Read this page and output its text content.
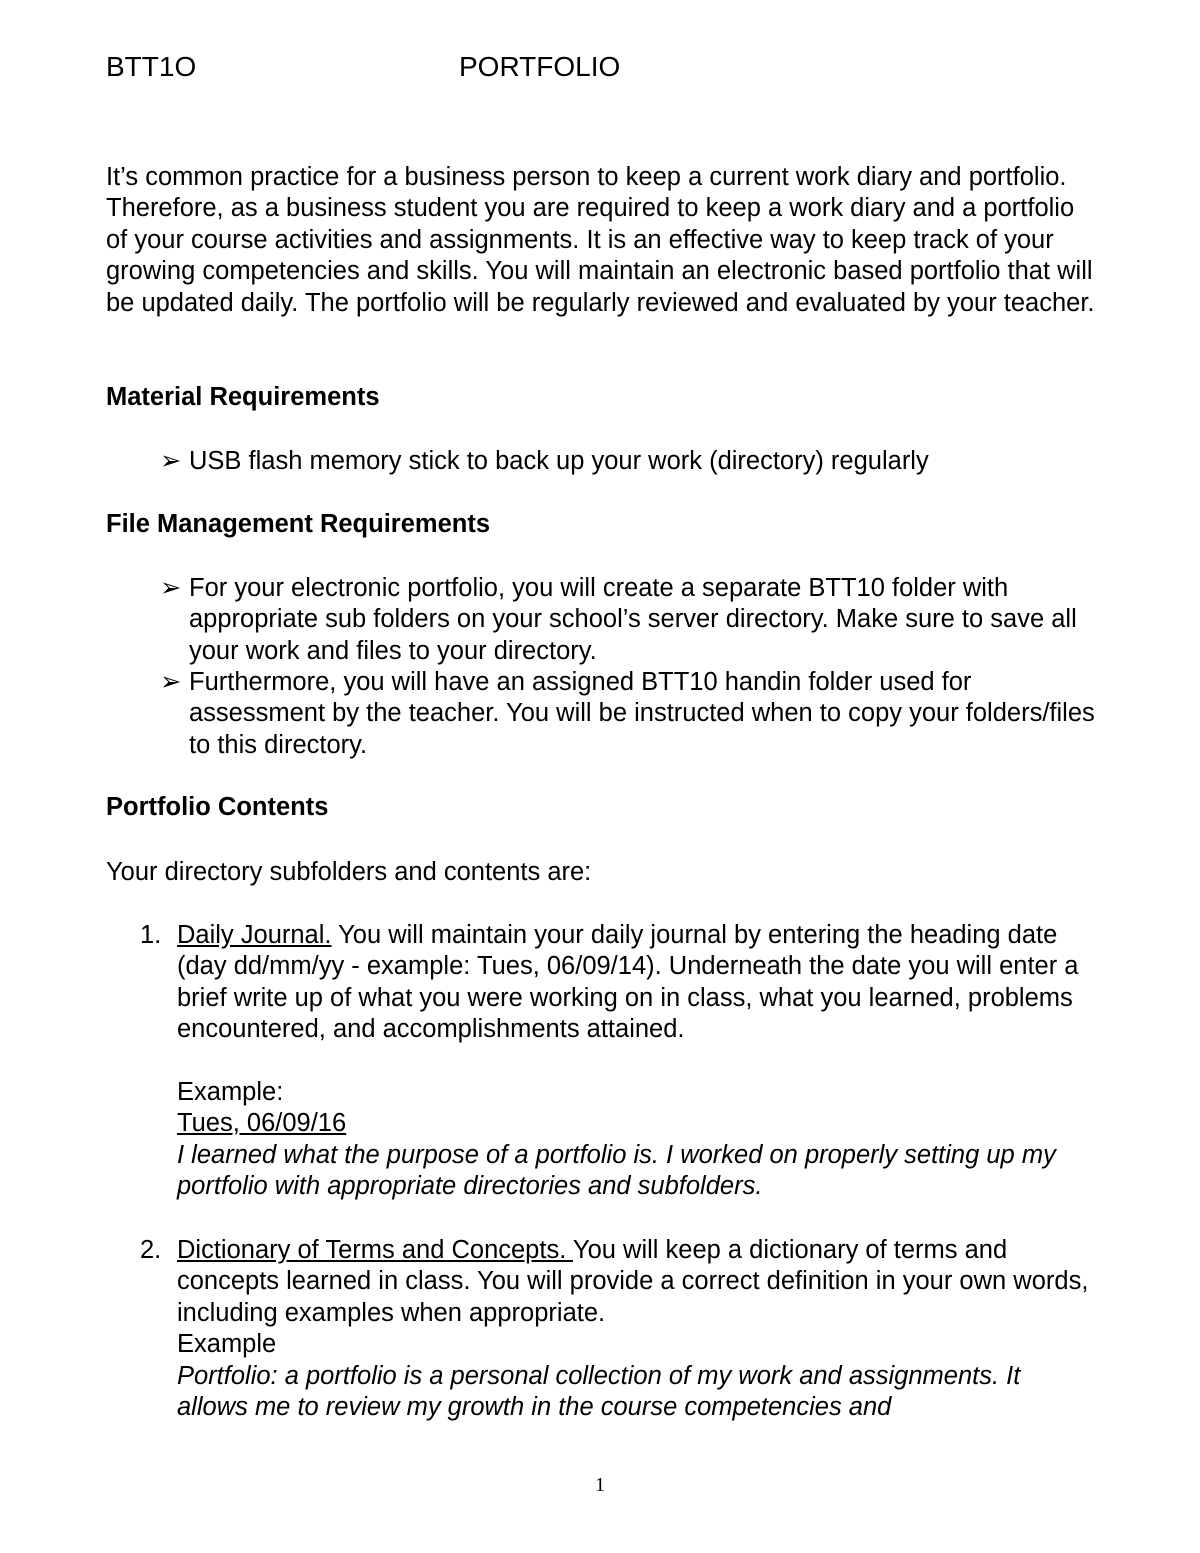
BTT1O	PORTFOLIO

It’s common practice for a business person to keep a current work diary and portfolio. Therefore, as a business student you are required to keep a work diary and a portfolio of your course activities and assignments. It is an effective way to keep track of your growing competencies and skills. You will maintain an electronic based portfolio that will be updated daily. The portfolio will be regularly reviewed and evaluated by your teacher.

Material Requirements
➢ USB flash memory stick to back up your work (directory) regularly
File Management Requirements
➢ For your electronic portfolio, you will create a separate BTT10 folder with appropriate sub folders on your school’s server directory. Make sure to save all your work and files to your directory.
➢ Furthermore, you will have an assigned BTT10 handin folder used for assessment by the teacher. You will be instructed when to copy your folders/files to this directory.
Portfolio Contents
Your directory subfolders and contents are:
1. Daily Journal. You will maintain your daily journal by entering the heading date (day dd/mm/yy - example: Tues, 06/09/14). Underneath the date you will enter a brief write up of what you were working on in class, what you learned, problems encountered, and accomplishments attained.

Example:

Tues, 06/09/16

I learned what the purpose of a portfolio is. I worked on properly setting up my portfolio with appropriate directories and subfolders.

2. Dictionary of Terms and Concepts. You will keep a dictionary of terms and concepts learned in class. You will provide a correct definition in your own words, including examples when appropriate.

Example

Portfolio: a portfolio is a personal collection of my work and assignments. It allows me to review my growth in the course competencies and

1
